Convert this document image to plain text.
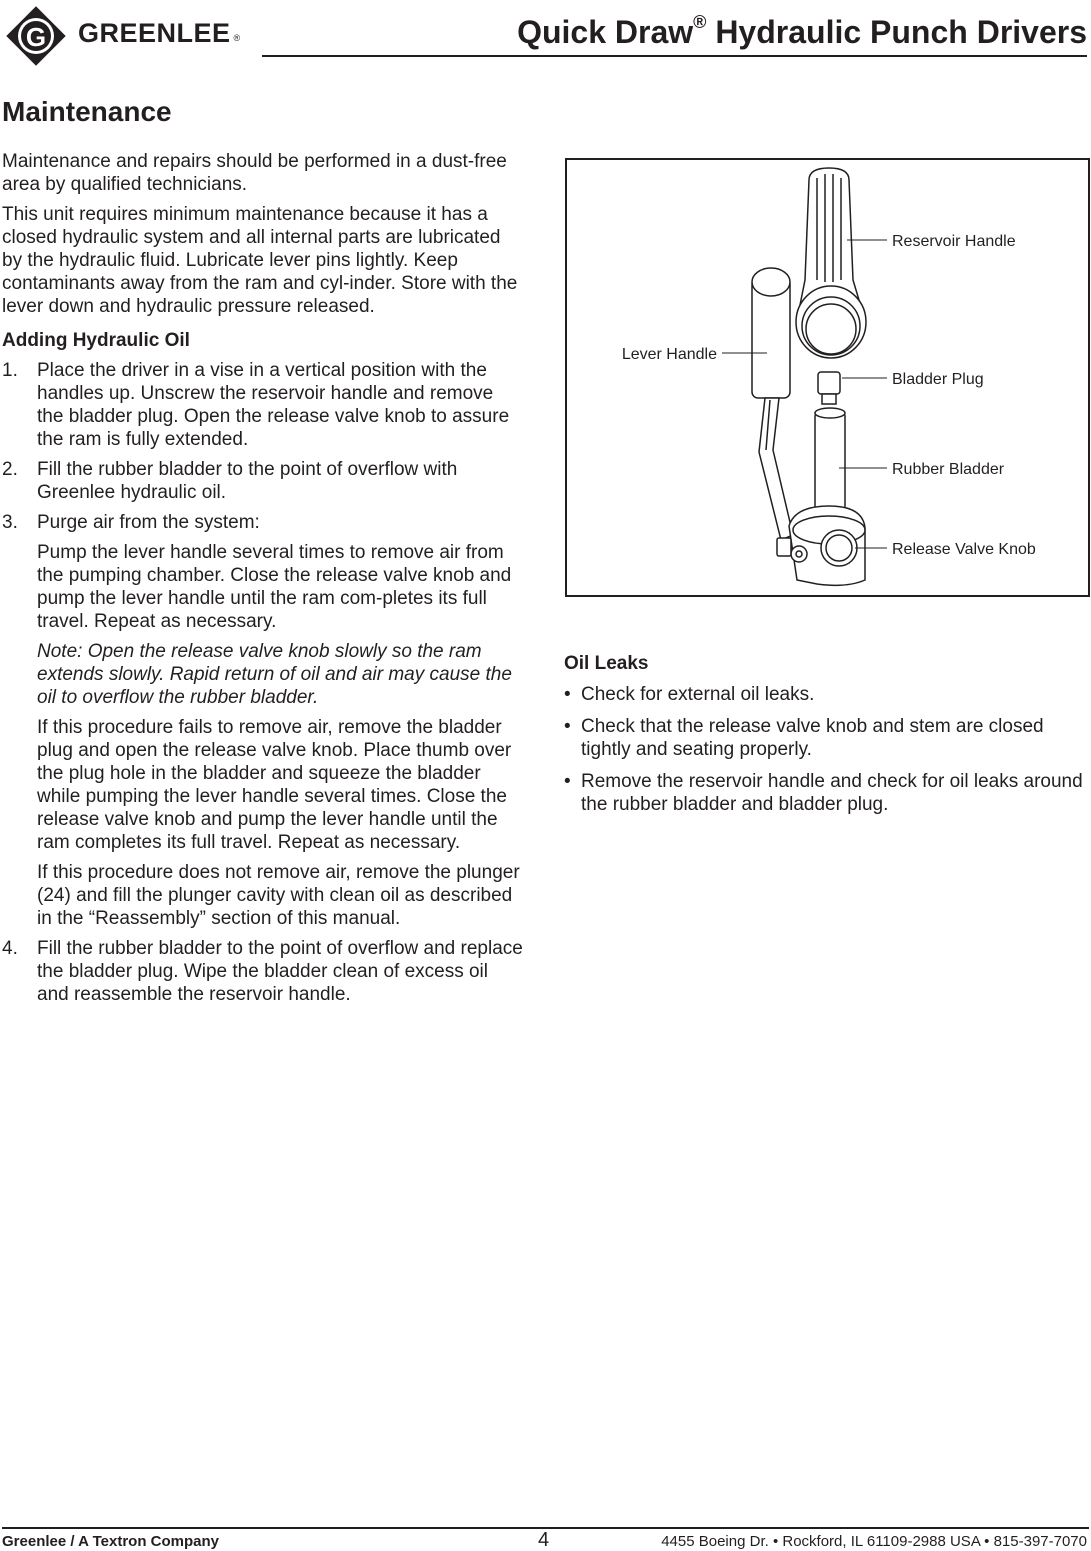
G GREENLEE ®	Quick Draw® Hydraulic Punch Drivers
Maintenance

Maintenance and repairs should be performed in a dust-free area by qualified technicians.

This unit requires minimum maintenance because it has a closed hydraulic system and all internal parts are lubricated by the hydraulic fluid. Lubricate lever pins lightly. Keep contaminants away from the ram and cyl-inder. Store with the lever down and hydraulic pressure released.

Adding Hydraulic Oil
1.	Place the driver in a vise in a vertical position with the handles up. Unscrew the reservoir handle and remove the bladder plug. Open the release valve knob to assure the ram is fully extended.
2.	Fill the rubber bladder to the point of overflow with Greenlee hydraulic oil.
3.	Purge air from the system:

Pump the lever handle several times to remove air from the pumping chamber. Close the release valve knob and pump the lever handle until the ram com-pletes its full travel. Repeat as necessary.

Note: Open the release valve knob slowly so the ram extends slowly. Rapid return of oil and air may cause the oil to overflow the rubber bladder.

If this procedure fails to remove air, remove the bladder plug and open the release valve knob. Place thumb over the plug hole in the bladder and squeeze the bladder while pumping the lever handle several times. Close the release valve knob and pump the lever handle until the ram completes its full travel. Repeat as necessary.

If this procedure does not remove air, remove the plunger (24) and fill the plunger cavity with clean oil as described in the “Reassembly” section of this manual.

4.	Fill the rubber bladder to the point of overflow and replace the bladder plug. Wipe the bladder clean of excess oil and reassemble the reservoir handle.
Reservoir Handle
Lever Handle
Bladder Plug
Rubber Bladder
Release Valve Knob
Oil Leaks
• Check for external oil leaks.
• Check that the release valve knob and stem are closed tightly and seating properly.
• Remove the reservoir handle and check for oil leaks around the rubber bladder and bladder plug.
Greenlee / A Textron Company	4	4455 Boeing Dr. • Rockford, IL 61109-2988 USA • 815-397-7070
